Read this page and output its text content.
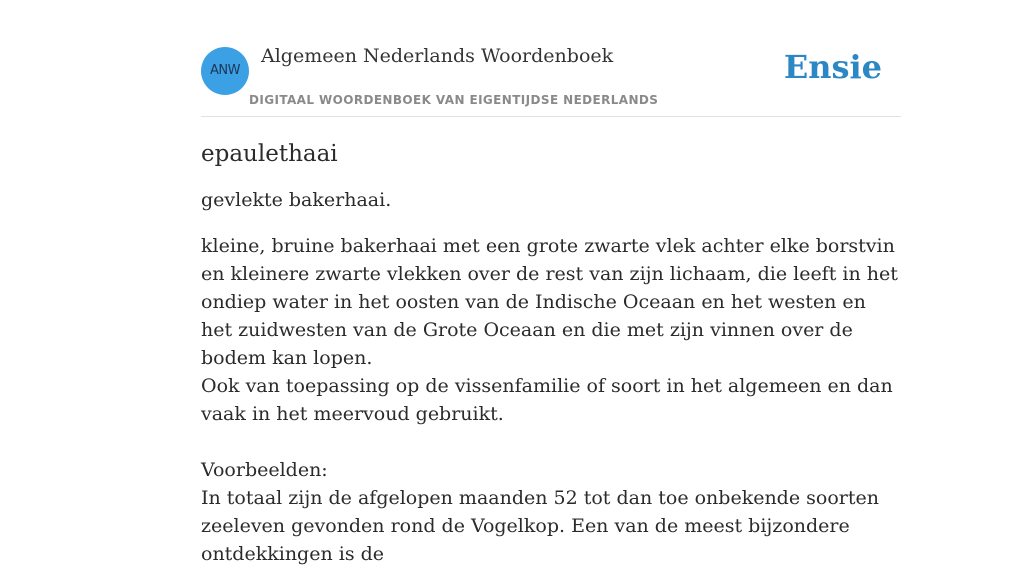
ANW
Algemeen Nederlands Woordenboek
DIGITAAL WOORDENBOEK VAN EIGENTIJDSE NEDERLANDS
Ensie
epaulethaai

gevlekte bakerhaai.

kleine, bruine bakerhaai met een grote zwarte vlek achter elke borstvin en kleinere zwarte vlekken over de rest van zijn lichaam, die leeft in het ondiep water in het oosten van de Indische Oceaan en het westen en het zuidwesten van de Grote Oceaan en die met zijn vinnen over de bodem kan lopen.

Ook van toepassing op de vissenfamilie of soort in het algemeen en dan vaak in het meervoud gebruikt.

Voorbeelden:

In totaal zijn de afgelopen maanden 52 tot dan toe onbekende soorten zeeleven gevonden rond de Vogelkop. Een van de meest bijzondere ontdekkingen is de
